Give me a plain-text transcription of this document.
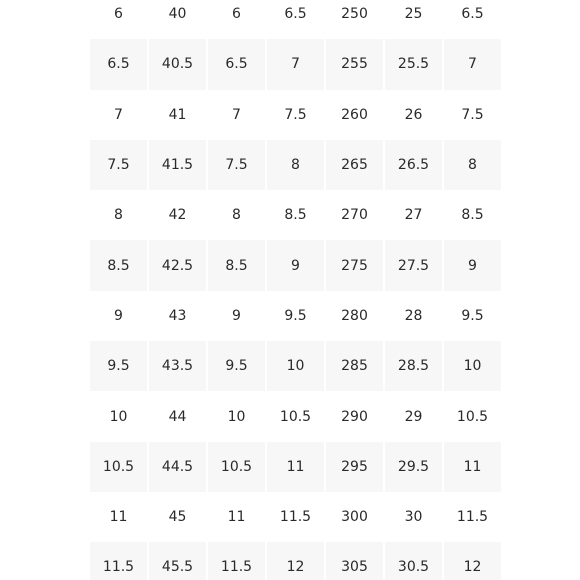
6	40	6	6.5	250	25	6.5
6.5	40.5	6.5	7	255	25.5	7
7	41	7	7.5	260	26	7.5
7.5	41.5	7.5	8	265	26.5	8
8	42	8	8.5	270	27	8.5
8.5	42.5	8.5	9	275	27.5	9
9	43	9	9.5	280	28	9.5
9.5	43.5	9.5	10	285	28.5	10
10	44	10	10.5	290	29	10.5
10.5	44.5	10.5	11	295	29.5	11
11	45	11	11.5	300	30	11.5
11.5	45.5	11.5	12	305	30.5	12
